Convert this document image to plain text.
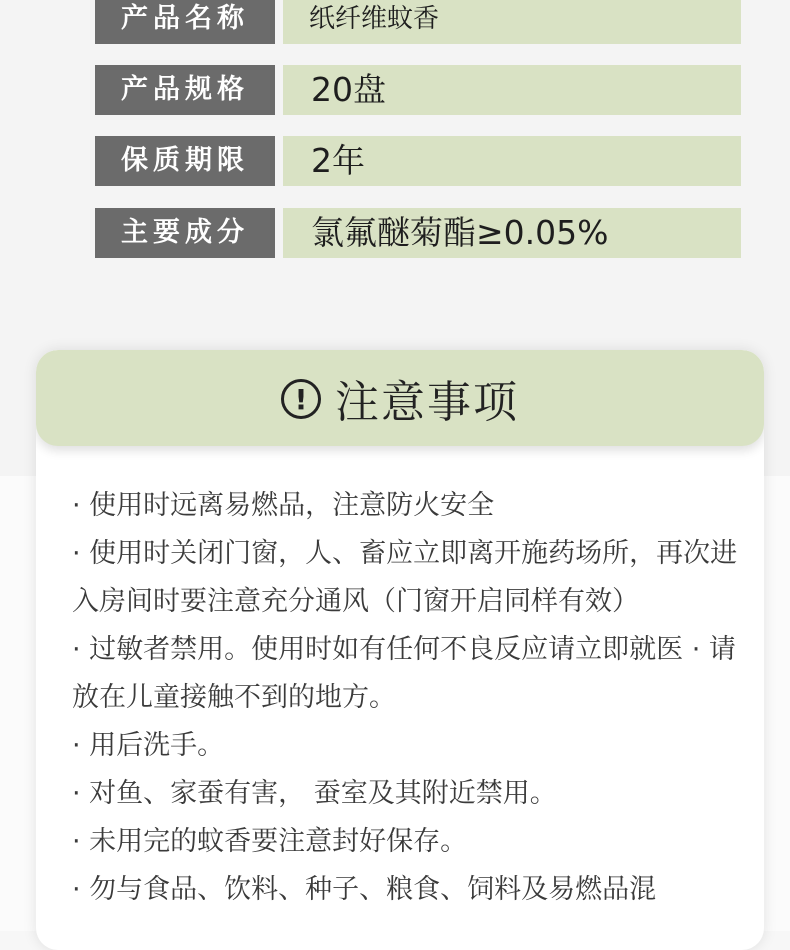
产品名称	纸纤维蚊香
产品规格	20盘
保质期限	2年
主要成分	氯氟醚菊酯≥0.05%
! 注意事项
· 使用时远离易燃品，注意防火安全
· 使用时关闭门窗，人、畜应立即离开施药场所，再次进入房间时要注意充分通风（门窗开启同样有效）
· 过敏者禁用。使用时如有任何不良反应请立即就医 · 请放在儿童接触不到的地方。
· 用后洗手。
· 对鱼、家蚕有害， 蚕室及其附近禁用。
· 未用完的蚊香要注意封好保存。
· 勿与食品、饮料、种子、粮食、饲料及易燃品混
